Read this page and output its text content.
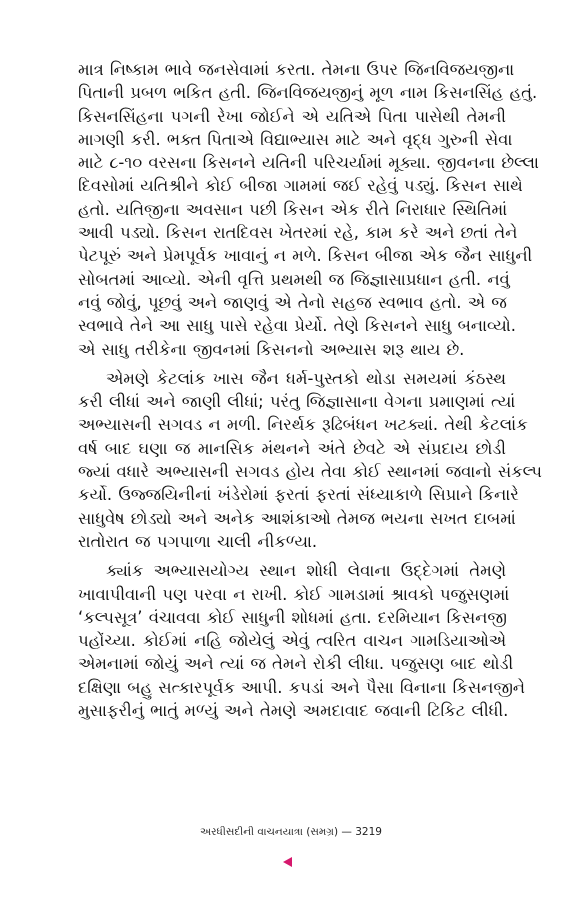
માત્ર નિષ્કામ ભાવે જનસેવામાં કરતા. તેમના ઉપર જિનવિજયજીના
પિતાની પ્રબળ ભકિત હતી. જિનવિજયજીનું મૂળ નામ કિસનસિંહ હતું.
કિસનસિંહના પગની રેખા જોઈને એ યતિએ પિતા પાસેથી તેમની
માગણી કરી. ભક્ત પિતાએ વિદ્યાભ્યાસ માટે અને વૃદ્ધ ગુરુની સેવા
માટે ૮-૧૦ વરસના કિસનને યતિની પરિચર્યામાં મૂક્યા. જીવનના છેલ્લા
દિવસોમાં યતિશ્રીને કોઈ બીજા ગામમાં જઈ રહેવું પડ્યું. કિસન સાથે
હતો. યતિજીના અવસાન પછી કિસન એક રીતે નિરાધાર સ્થિતિમાં
આવી પડ્યો. કિસન રાતદિવસ ખેતરમાં રહે, કામ કરે અને છતાં તેને
પેટપૂરું અને પ્રેમપૂર્વક ખાવાનું ન મળે. કિસન બીજા એક જૈન સાધુની
સોબતમાં આવ્યો. એની વૃત્તિ પ્રથમથી જ જિજ્ઞાસાપ્રધાન હતી. નવું
નવું જોવું, પૂછવું અને જાણવું એ તેનો સહજ સ્વભાવ હતો. એ જ
સ્વભાવે તેને આ સાધુ પાસે રહેવા પ્રેર્યો. તેણે કિસનને સાધુ બનાવ્યો.
એ સાધુ તરીકેના જીવનમાં કિસનનો અભ્યાસ શરૂ થાય છે.

એમણે કેટલાંક ખાસ જૈન ધર્મ-પુસ્તકો થોડા સમયમાં કંઠસ્થ
કરી લીધાં અને જાણી લીધાં; પરંતુ જિજ્ઞાસાના વેગના પ્રમાણમાં ત્યાં
અભ્યાસની સગવડ ન મળી. નિરર્થક રૂઢિબંધન ખટક્યાં. તેથી કેટલાંક
વર્ષ બાદ ઘણા જ માનસિક મંથનને અંતે છેવટે એ સંપ્રદાય છોડી
જ્યાં વધારે અભ્યાસની સગવડ હોય તેવા કોઈ સ્થાનમાં જવાનો સંકલ્પ
કર્યો. ઉજ્જયિનીનાં ખંડેરોમાં ફરતાં ફરતાં સંધ્યાકાળે સિપ્રાને કિનારે
સાધુવેષ છોડ્યો અને અનેક આશંકાઓ તેમજ ભયના સખત દાબમાં
રાતોરાત જ પગપાળા ચાલી નીકળ્યા.

ક્યાંક અભ્યાસયોગ્ય સ્થાન શોધી લેવાના ઉદ્દેગમાં તેમણે
ખાવાપીવાની પણ પરવા ન રાખી. કોઈ ગામડામાં શ્રાવકો પજુસણમાં
‘કલ્પસૂત્ર’ વંચાવવા કોઈ સાધુની શોધમાં હતા. દરમિયાન કિસનજી
પહોંચ્યા. કોઈમાં નહિ જોયેલું એવું ત્વરિત વાચન ગામડિયાઓએ
એમનામાં જોયું અને ત્યાં જ તેમને રોકી લીધા. પજુસણ બાદ થોડી
દક્ષિણા બહુ સત્કારપૂર્વક આપી. કપડાં અને પૈસા વિનાના કિસનજીને
મુસાફરીનું ભાતું મળ્યું અને તેમણે અમદાવાદ જવાની ટિકિટ લીધી.

અરધીસદીની વાચનયાત્રા (સમગ્ર) — 3219
